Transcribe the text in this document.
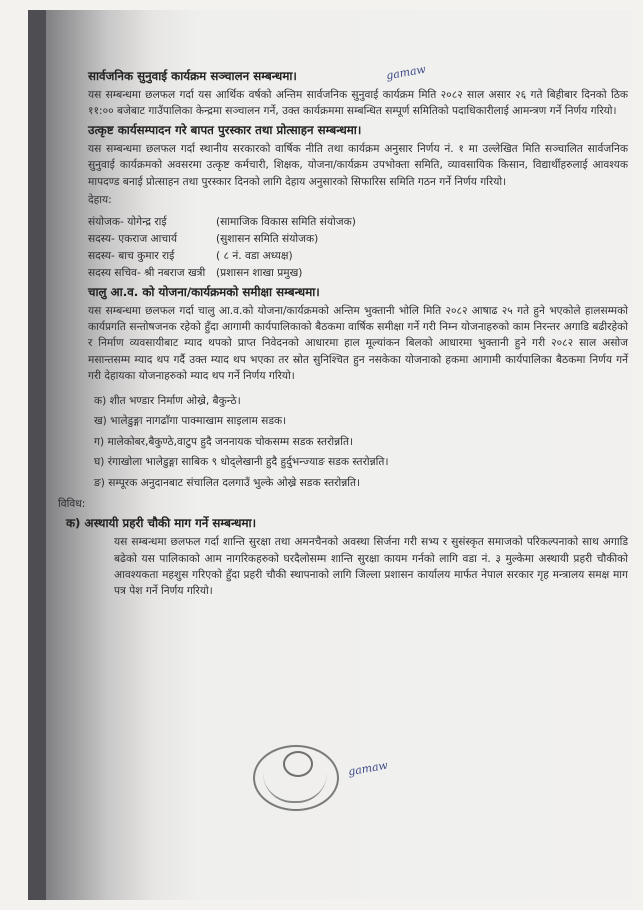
सार्वजनिक सुनुवाई कार्यक्रम सञ्चालन सम्बन्धमा।

यस सम्बन्धमा छलफल गर्दा यस आर्थिक वर्षको अन्तिम सार्वजनिक सुनुवाई कार्यक्रम मिति २०८२ साल असार २६ गते बिहीबार दिनको ठिक ११:०० बजेबाट गाउँपालिका केन्द्रमा सञ्चालन गर्ने, उक्त कार्यक्रममा सम्बन्धित सम्पूर्ण समितिको पदाधिकारीलाई आमन्त्रण गर्ने निर्णय गरियो।

उत्कृष्ट कार्यसम्पादन गरे बापत पुरस्कार तथा प्रोत्साहन सम्बन्धमा।

यस सम्बन्धमा छलफल गर्दा स्थानीय सरकारको वार्षिक नीति तथा कार्यक्रम अनुसार निर्णय नं. १ मा उल्लेखित मिति सञ्चालित सार्वजनिक सुनुवाई कार्यक्रमको अवसरमा उत्कृष्ट कर्मचारी, शिक्षक, योजना/कार्यक्रम उपभोक्ता समिति, व्यावसायिक किसान, विद्यार्थीहरुलाई आवश्यक मापदण्ड बनाई प्रोत्साहन तथा पुरस्कार दिनको लागि देहाय अनुसारको सिफारिस समिति गठन गर्ने निर्णय गरियो।

देहाय:

संयोजक- योगेन्द्र राई	(सामाजिक विकास समिति संयोजक)
सदस्य- एकराज आचार्य	(सुशासन समिति संयोजक)
सदस्य- बाच कुमार राई	( ८ नं. वडा अध्यक्ष)
सदस्य सचिव- श्री नबराज खत्री	(प्रशासन शाखा प्रमुख)
चालु आ.व. को योजना/कार्यक्रमको समीक्षा सम्बन्धमा।

यस सम्बन्धमा छलफल गर्दा चालु आ.व.को योजना/कार्यक्रमको अन्तिम भुक्तानी भोलि मिति २०८२ आषाढ २५ गते हुने भएकोले हालसम्मको कार्यप्रगति सन्तोषजनक रहेको हुँदा आगामी कार्यपालिकाको बैठकमा वार्षिक समीक्षा गर्ने गरी निम्न योजनाहरुको काम निरन्तर अगाडि बढीरहेको र निर्माण व्यवसायीबाट म्याद थपको प्राप्त निवेदनको आधारमा हाल मूल्यांकन बिलको आधारमा भुक्तानी हुने गरी २०८२ साल असोज मसान्तसम्म म्याद थप गर्दै उक्त म्याद थप भएका तर स्रोत सुनिश्चित हुन नसकेका योजनाको हकमा आगामी कार्यपालिका बैठकमा निर्णय गर्ने गरी देहायका योजनाहरुको म्याद थप गर्ने निर्णय गरियो।

क) शीत भण्डार निर्माण ओख्रे, बैकुन्ठे।
ख) भालेडुङ्गा नागढाँगा पाक्माखाम साइलाम सडक।
ग) मालेकोबर,बैकुण्ठे,वाटुप हुदै जननायक चोकसम्म सडक स्तरोन्नति।
घ) रंगाखोला भालेडुङ्गा साबिक ९ धोद्लेखानी हुदै हुर्दुभन्ज्याङ सडक स्तरोन्नति।
ङ) सम्पूरक अनुदानबाट संचालित दलगाउँ भुल्के ओख्रे सडक स्तरोन्नति।
विविध:
क) अस्थायी प्रहरी चौकी माग गर्ने सम्बन्धमा।

यस सम्बन्धमा छलफल गर्दा शान्ति सुरक्षा तथा अमनचैनको अवस्था सिर्जना गरी सभ्य र सुसंस्कृत समाजको परिकल्पनाको साथ अगाडि बढेको यस पालिकाको आम नागरिकहरुको घरदैलोसम्म शान्ति सुरक्षा कायम गर्नको लागि वडा नं. ३ मुल्केमा अस्थायी प्रहरी चौकीको आवश्यकता महशुस गरिएको हुँदा प्रहरी चौकी स्थापनाको लागि जिल्ला प्रशासन कार्यालय मार्फत नेपाल सरकार गृह मन्त्रालय समक्ष माग पत्र पेश गर्ने निर्णय गरियो।

gamaw
gamaw
